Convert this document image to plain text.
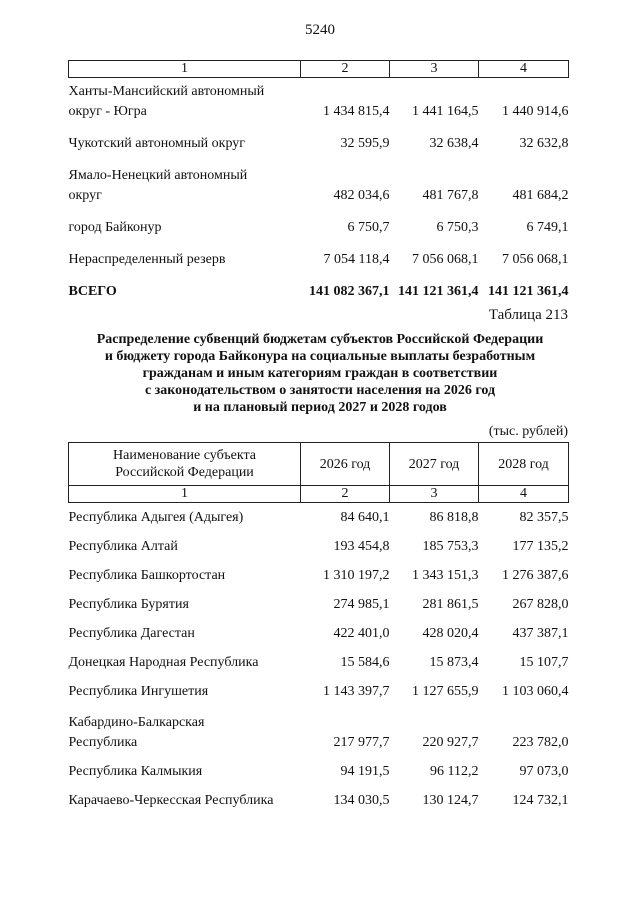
5240
1	2	3	4

Ханты-Мансийский автономный
округ - Югра	1 434 815,4	1 441 164,5	1 440 914,6
Чукотский автономный округ	32 595,9	32 638,4	32 632,8

Ямало-Ненецкий автономный
округ	482 034,6	481 767,8	481 684,2
город Байконур	6 750,7	6 750,3	6 749,1
Нераспределенный резерв	7 054 118,4	7 056 068,1	7 056 068,1
ВСЕГО	141 082 367,1	141 121 361,4	141 121 361,4
Таблица 213
Распределение субвенций бюджетам субъектов Российской Федерации
и бюджету города Байконура на социальные выплаты безработным
гражданам и иным категориям граждан в соответствии
с законодательством о занятости населения на 2026 год
и на плановый период 2027 и 2028 годов
(тыс. рублей)
Наименование субъекта
Российской Федерации	2026 год	2027 год	2028 год
1	2	3	4
Республика Адыгея (Адыгея)	84 640,1	86 818,8	82 357,5
Республика Алтай	193 454,8	185 753,3	177 135,2
Республика Башкортостан	1 310 197,2	1 343 151,3	1 276 387,6
Республика Бурятия	274 985,1	281 861,5	267 828,0
Республика Дагестан	422 401,0	428 020,4	437 387,1
Донецкая Народная Республика	15 584,6	15 873,4	15 107,7
Республика Ингушетия	1 143 397,7	1 127 655,9	1 103 060,4

Кабардино-Балкарская
Республика	217 977,7	220 927,7	223 782,0
Республика Калмыкия	94 191,5	96 112,2	97 073,0
Карачаево-Черкесская Республика	134 030,5	130 124,7	124 732,1
